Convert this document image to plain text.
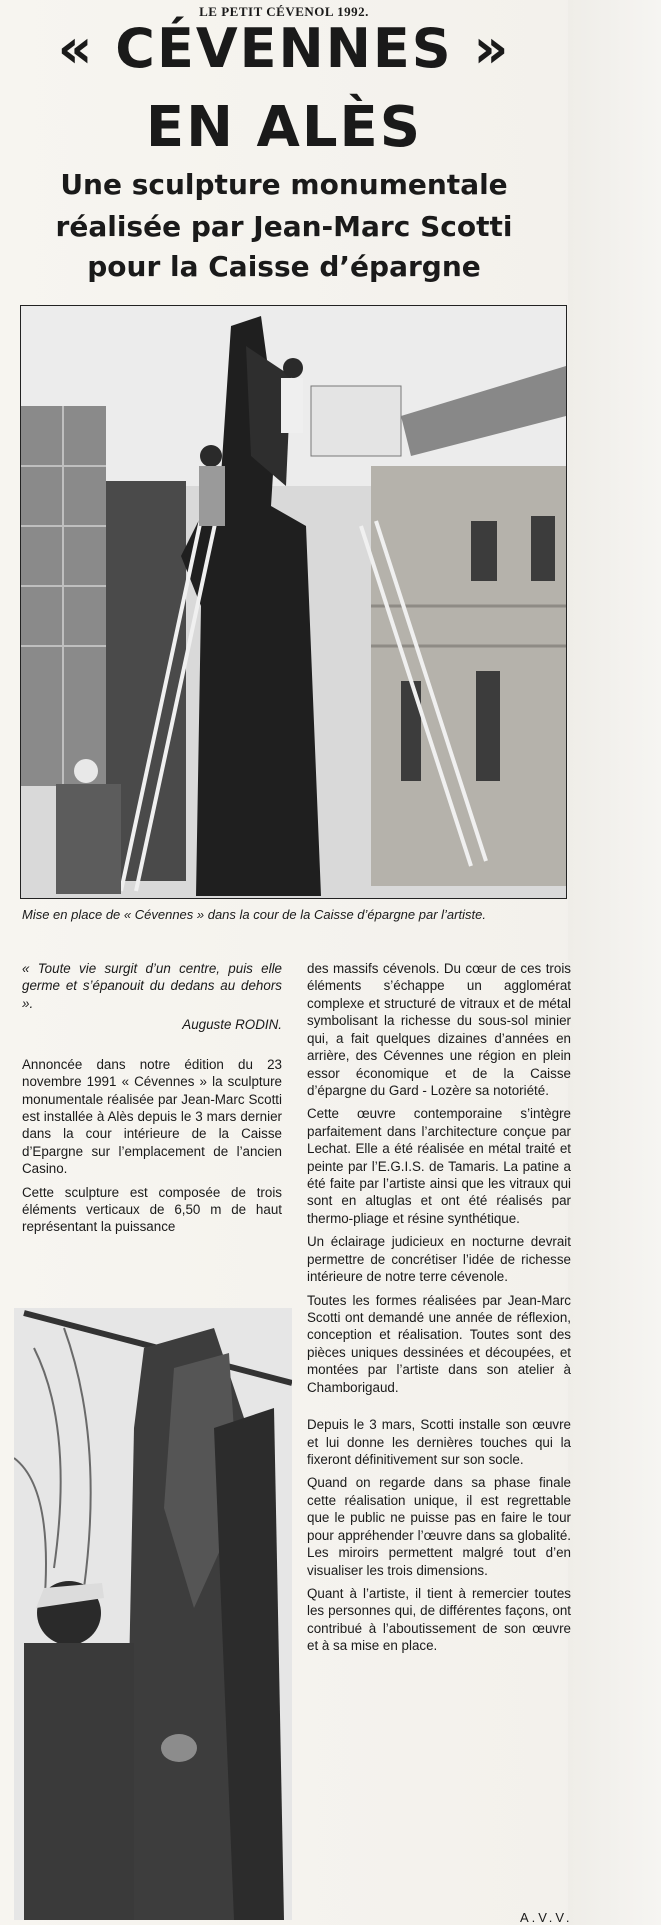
LE PETIT CÉVENOL 1992.
« CÉVENNES »
EN ALÈS
Une sculpture monumentale
réalisée par Jean-Marc Scotti
pour la Caisse d’épargne
Mise en place de « Cévennes » dans la cour de la Caisse d’épargne par l’artiste.

« Toute vie surgit d’un centre, puis elle germe et s’épanouit du dedans au dehors ».

Auguste RODIN.

Annoncée dans notre édition du 23 novembre 1991 « Cévennes » la sculpture monumentale réalisée par Jean-Marc Scotti est installée à Alès depuis le 3 mars dernier dans la cour intérieure de la Caisse d’Epargne sur l’emplacement de l’ancien Casino.

Cette sculpture est composée de trois éléments verticaux de 6,50 m de haut représentant la puissance

des massifs cévenols. Du cœur de ces trois éléments s’échappe un agglomérat complexe et structuré de vitraux et de métal symbolisant la richesse du sous-sol minier qui, a fait quelques dizaines d’années en arrière, des Cévennes une région en plein essor économique et de la Caisse d’épargne du Gard - Lozère sa notoriété.

Cette œuvre contemporaine s’intègre parfaitement dans l’architecture conçue par Lechat. Elle a été réalisée en métal traité et peinte par l’E.G.I.S. de Tamaris. La patine a été faite par l’artiste ainsi que les vitraux qui sont en altuglas et ont été réalisés par thermo-pliage et résine synthétique.

Un éclairage judicieux en nocturne devrait permettre de concrétiser l’idée de richesse intérieure de notre terre cévenole.

Toutes les formes réalisées par Jean-Marc Scotti ont demandé une année de réflexion, conception et réalisation. Toutes sont des pièces uniques dessinées et découpées, et montées par l’artiste dans son atelier à Chamborigaud.

Depuis le 3 mars, Scotti installe son œuvre et lui donne les dernières touches qui la fixeront définitivement sur son socle.

Quand on regarde dans sa phase finale cette réalisation unique, il est regrettable que le public ne puisse pas en faire le tour pour appréhender l’œuvre dans sa globalité. Les miroirs permettent malgré tout d’en visualiser les trois dimensions.

Quant à l’artiste, il tient à remercier toutes les personnes qui, de différentes façons, ont contribué à l’aboutissement de son œuvre et à sa mise en place.

A.V.V.
